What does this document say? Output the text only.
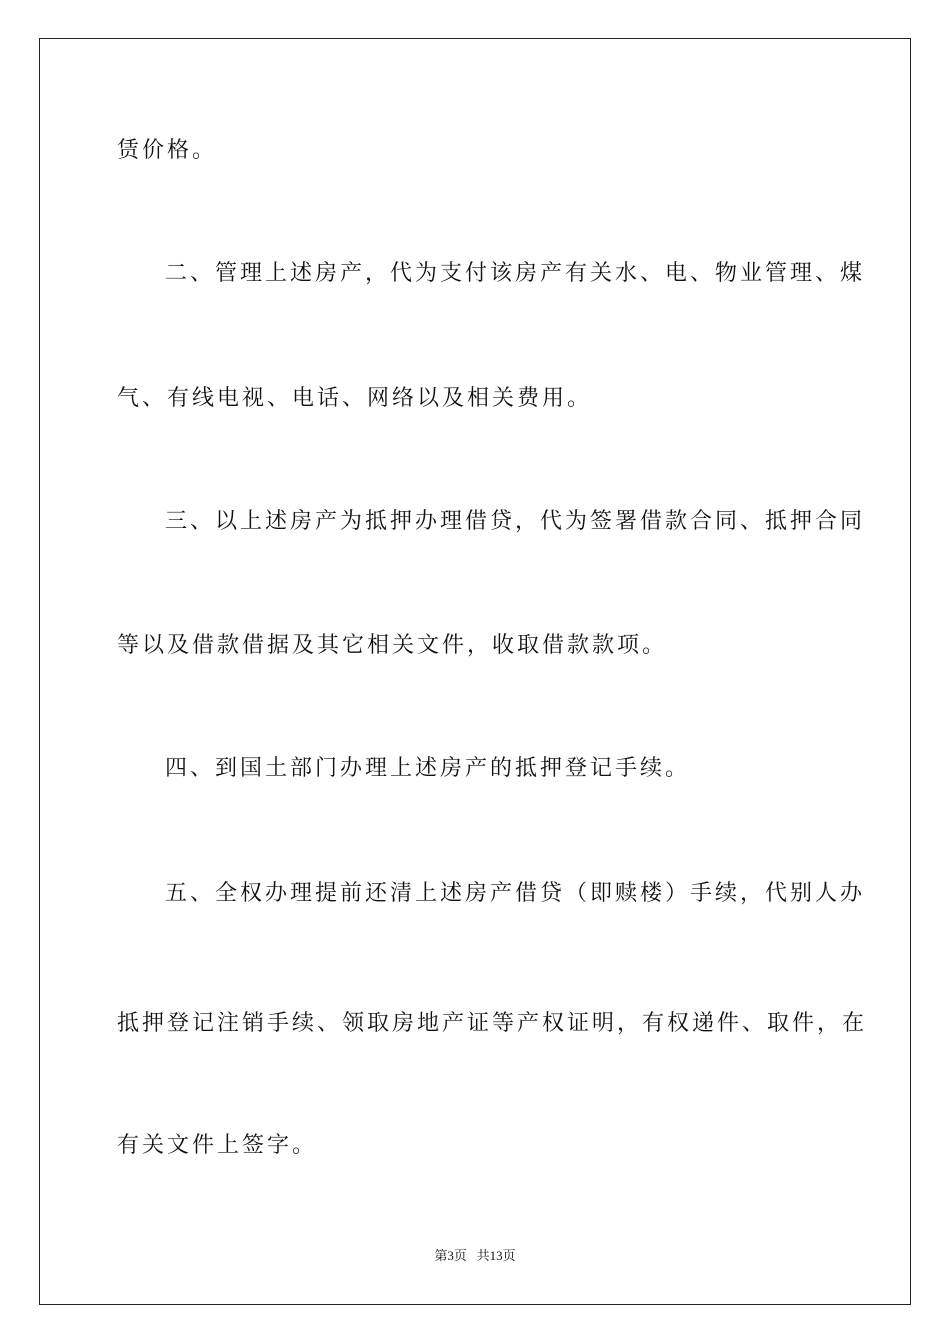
赁价格。
二、管理上述房产，代为支付该房产有关水、电、物业管理、煤
气、有线电视、电话、网络以及相关费用。
三、以上述房产为抵押办理借贷，代为签署借款合同、抵押合同
等以及借款借据及其它相关文件，收取借款款项。
四、到国土部门办理上述房产的抵押登记手续。
五、全权办理提前还清上述房产借贷（即赎楼）手续，代别人办
抵押登记注销手续、领取房地产证等产权证明，有权递件、取件，在
有关文件上签字。
第3页   共13页
